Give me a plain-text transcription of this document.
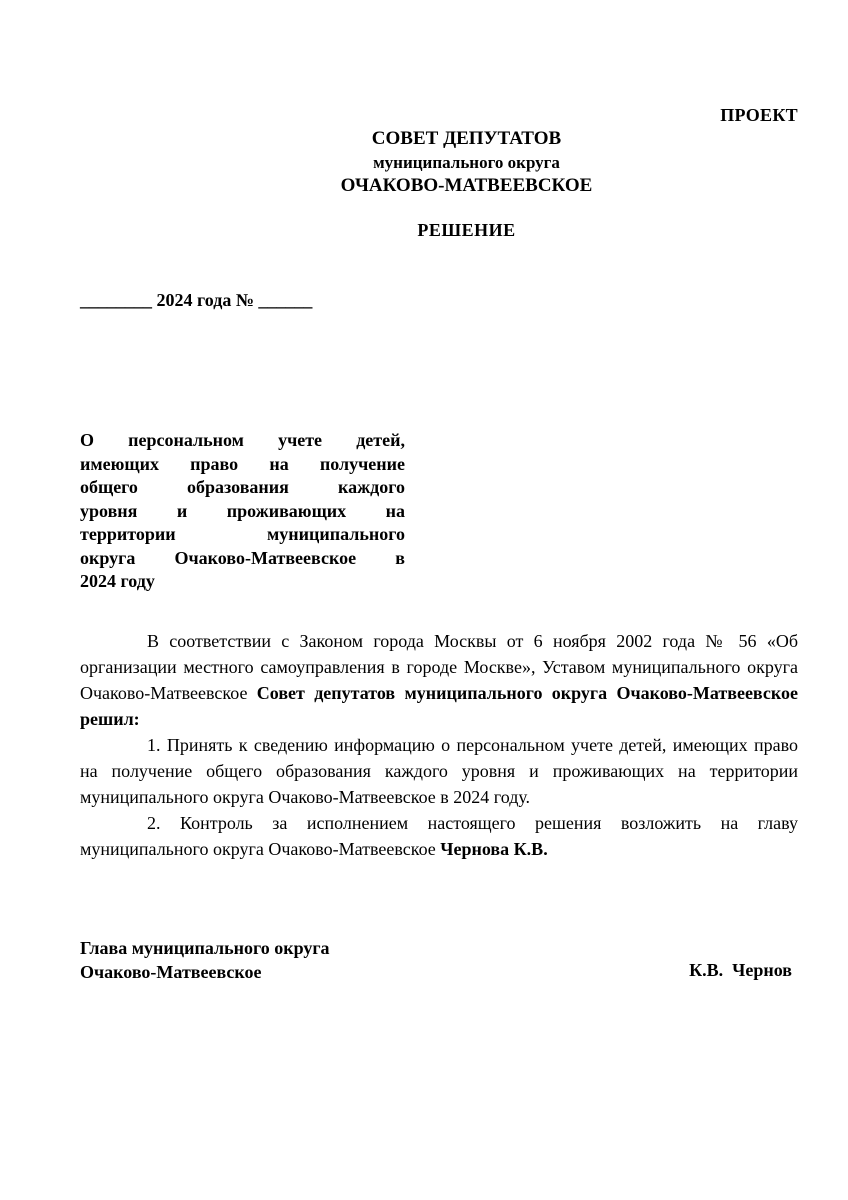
ПРОЕКТ
СОВЕТ ДЕПУТАТОВ
муниципального округа
ОЧАКОВО-МАТВЕЕВСКОЕ
РЕШЕНИЕ
________ 2024 года № ______
О персональном учете детей,
имеющих право на получение
общего образования каждого
уровня и проживающих на
территории муниципального
округа Очаково-Матвеевское в
2024 году

В соответствии с Законом города Москвы от 6 ноября 2002 года № 56 «Об организации местного самоуправления в городе Москве», Уставом муниципального округа Очаково-Матвеевское Совет депутатов муниципального округа Очаково-Матвеевское решил:

1. Принять к сведению информацию о персональном учете детей, имеющих право на получение общего образования каждого уровня и проживающих на территории муниципального округа Очаково-Матвеевское в 2024 году.

2. Контроль за исполнением настоящего решения возложить на главу муниципального округа Очаково-Матвеевское Чернова К.В.

Глава муниципального округа
Очаково-Матвеевское	К.В.  Чернов
